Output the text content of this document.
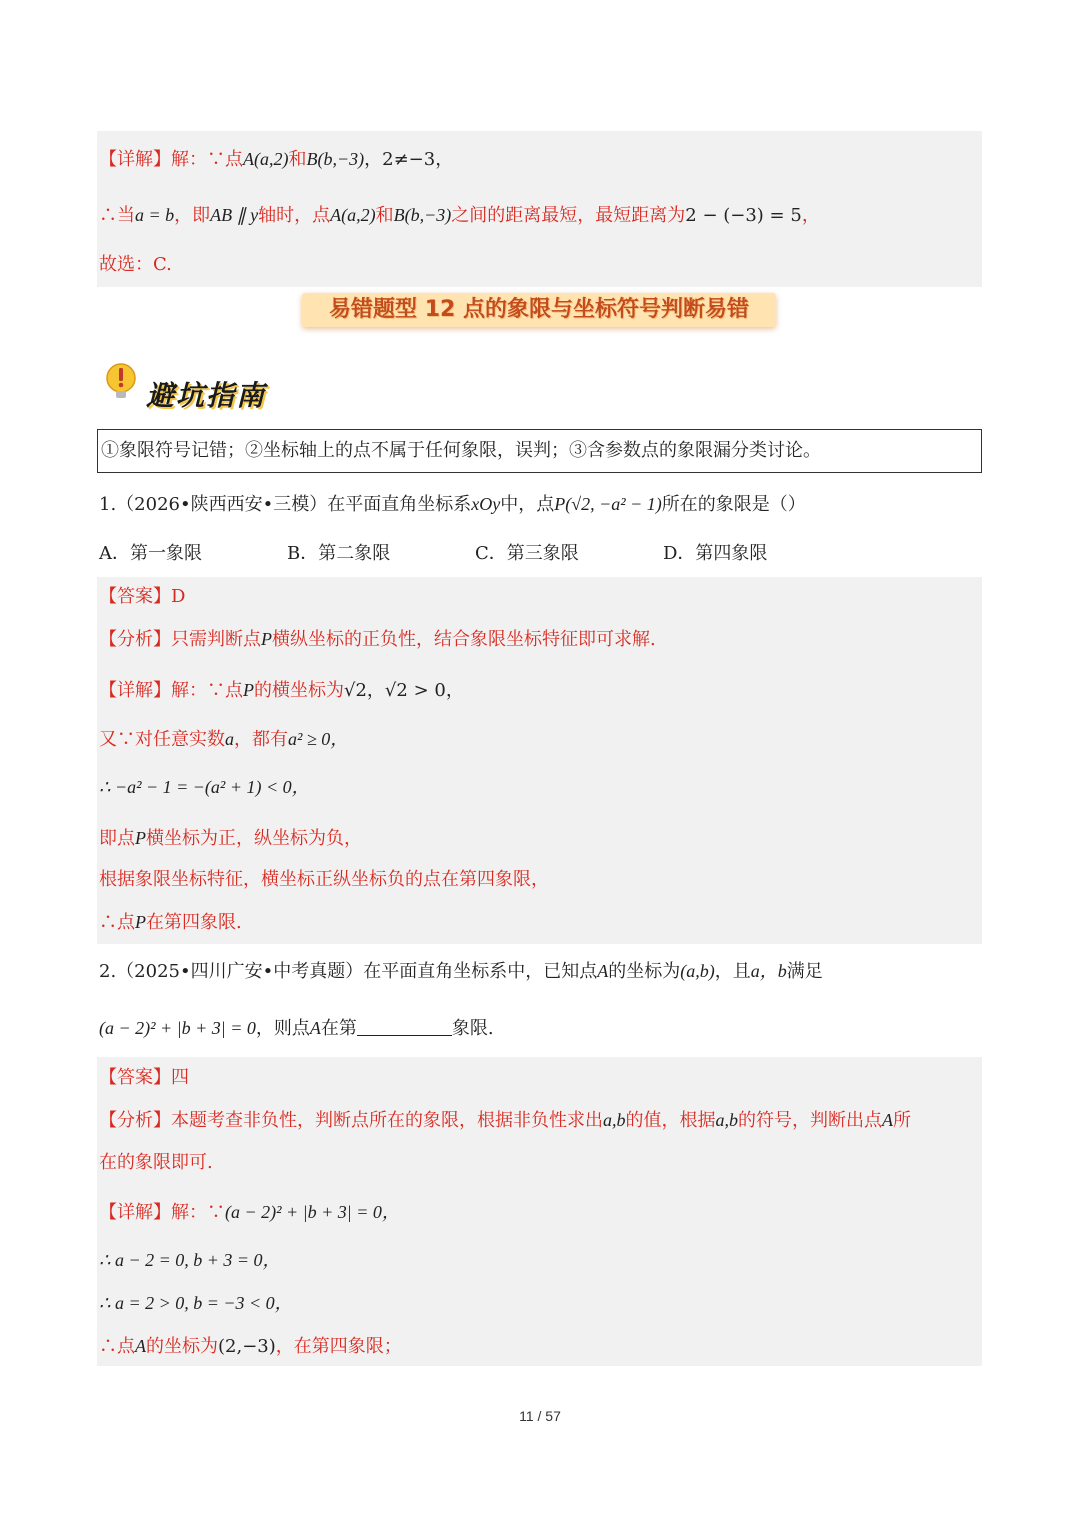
【详解】解：∵点A(a,2)和B(b,−3)，2≠−3，
∴当a = b，即AB ∥ y轴时，点A(a,2)和B(b,−3)之间的距离最短，最短距离为2 − (−3) = 5，
故选：C.
易错题型 12 点的象限与坐标符号判断易错
避坑指南
①象限符号记错；②坐标轴上的点不属于任何象限，误判；③含参数点的象限漏分类讨论。
1.（2026•陕西西安•三模）在平面直角坐标系xOy中，点P(√2, −a² − 1)所在的象限是（）
A．第一象限	B．第二象限	C．第三象限	D．第四象限
【答案】D
【分析】只需判断点P横纵坐标的正负性，结合象限坐标特征即可求解.
【详解】解：∵点P的横坐标为√2，√2 > 0，
又∵对任意实数a，都有a² ≥ 0，
∴ −a² − 1 = −(a² + 1) < 0，
即点P横坐标为正，纵坐标为负，
根据象限坐标特征，横坐标正纵坐标负的点在第四象限，
∴点P在第四象限.
2.（2025•四川广安•中考真题）在平面直角坐标系中，已知点A的坐标为(a,b)，且a，b满足
(a − 2)² + |b + 3| = 0，则点A在第	象限.
【答案】四
【分析】本题考查非负性，判断点所在的象限，根据非负性求出a,b的值，根据a,b的符号，判断出点A所
在的象限即可.
【详解】解：∵(a − 2)² + |b + 3| = 0，
∴ a − 2 = 0, b + 3 = 0，
∴ a = 2 > 0, b = −3 < 0，
∴点A的坐标为(2,−3)，在第四象限；
11 / 57
